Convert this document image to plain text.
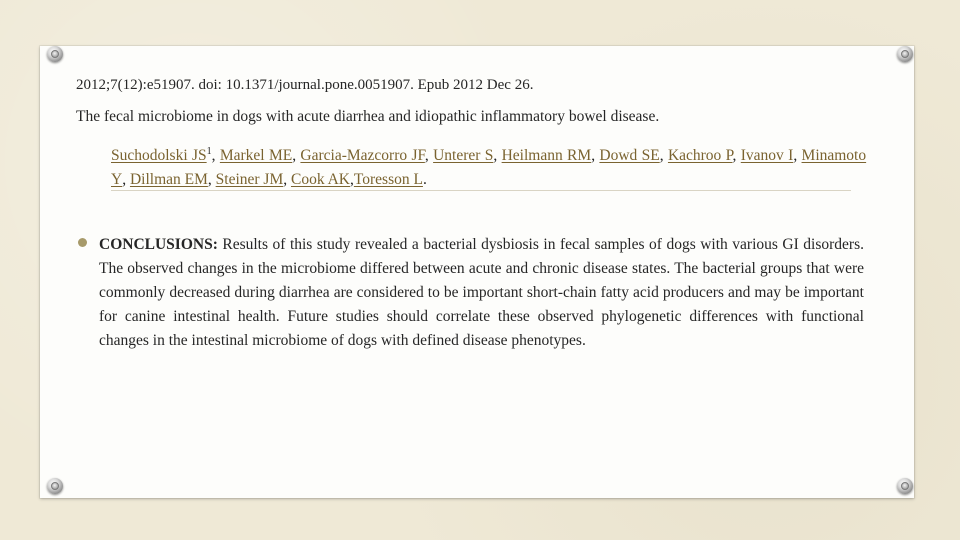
2012;7(12):e51907. doi: 10.1371/journal.pone.0051907. Epub 2012 Dec 26.
The fecal microbiome in dogs with acute diarrhea and idiopathic inflammatory bowel disease.
Suchodolski $JS^1$, Markel ME, Garcia-Mazcorro JF, Unterer S, Heilmann RM, Dowd SE, Kachroo P, Ivanov I, Minamoto Y, Dillman EM, Steiner JM, Cook AK,Toresson L.
CONCLUSIONS: Results of this study revealed a bacterial dysbiosis in fecal samples of dogs with various GI disorders. The observed changes in the microbiome differed between acute and chronic disease states. The bacterial groups that were commonly decreased during diarrhea are considered to be important short-chain fatty acid producers and may be important for canine intestinal health. Future studies should correlate these observed phylogenetic differences with functional changes in the intestinal microbiome of dogs with defined disease phenotypes.
